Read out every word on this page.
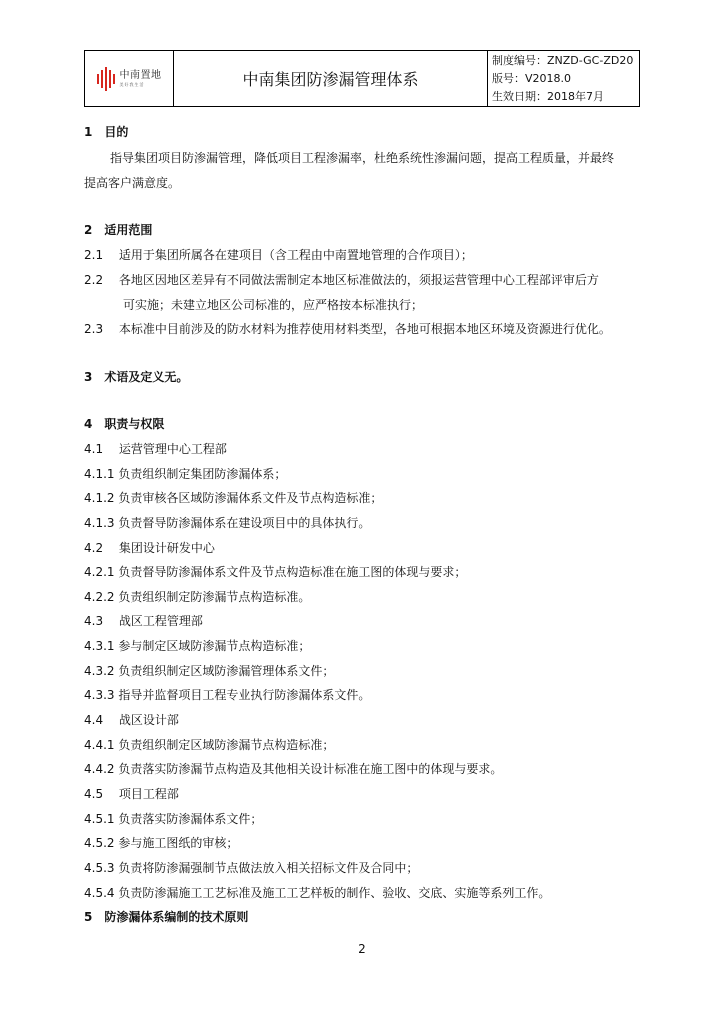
中南置地
美好我生活	中南集团防渗漏管理体系	
制度编号：ZNZD-GC-ZD20
版号：V2018.0
生效日期：2018年7月
1　目的
指导集团项目防渗漏管理，降低项目工程渗漏率，杜绝系统性渗漏问题，提高工程质量，并最终
提高客户满意度。
2　适用范围
2.1　 适用于集团所属各在建项目（含工程由中南置地管理的合作项目）；
2.2　 各地区因地区差异有不同做法需制定本地区标准做法的，须报运营管理中心工程部评审后方
可实施；未建立地区公司标准的，应严格按本标准执行；
2.3　 本标准中目前涉及的防水材料为推荐使用材料类型，各地可根据本地区环境及资源进行优化。
3　术语及定义无。
4　职责与权限
4.1　 运营管理中心工程部
4.1.1 负责组织制定集团防渗漏体系；
4.1.2 负责审核各区域防渗漏体系文件及节点构造标准；
4.1.3 负责督导防渗漏体系在建设项目中的具体执行。
4.2　 集团设计研发中心
4.2.1 负责督导防渗漏体系文件及节点构造标准在施工图的体现与要求；
4.2.2 负责组织制定防渗漏节点构造标准。
4.3　 战区工程管理部
4.3.1 参与制定区域防渗漏节点构造标准；
4.3.2 负责组织制定区域防渗漏管理体系文件；
4.3.3 指导并监督项目工程专业执行防渗漏体系文件。
4.4　 战区设计部
4.4.1 负责组织制定区域防渗漏节点构造标准；
4.4.2 负责落实防渗漏节点构造及其他相关设计标准在施工图中的体现与要求。
4.5　 项目工程部
4.5.1 负责落实防渗漏体系文件；
4.5.2 参与施工图纸的审核；
4.5.3 负责将防渗漏强制节点做法放入相关招标文件及合同中；
4.5.4 负责防渗漏施工工艺标准及施工工艺样板的制作、验收、交底、实施等系列工作。
5　防渗漏体系编制的技术原则
2
